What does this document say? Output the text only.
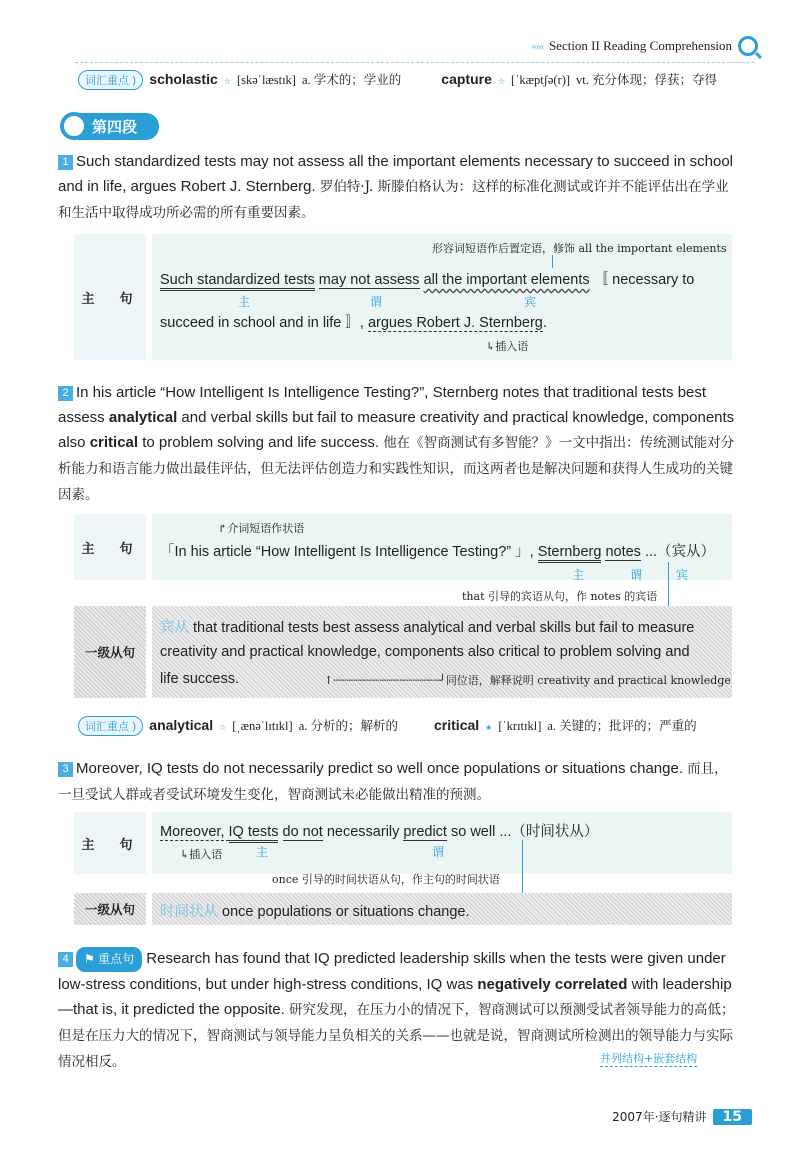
‹‹‹‹‹ Section II Reading Comprehension
词汇重点 )	scholastic ☆ [skəˈlæstɪk] a. 学术的；学业的	capture ☆ [ˈkæptʃə(r)] vt. 充分体现；俘获；夺得
第四段
1 Such standardized tests may not assess all the important elements necessary to succeed in school and in life, argues Robert J. Sternberg. 罗伯特·J. 斯滕伯格认为：这样的标准化测试或许并不能评估出在学业和生活中取得成功所必需的所有重要因素。
主　句
形容词短语作后置定语，修饰 all the important elements
Such standardized tests may not assess all the important elements 〚 necessary to
主	谓	宾
succeed in school and in life 〛, argues Robert J. Sternberg.
↳插入语
2 In his article “How Intelligent Is Intelligence Testing?”, Sternberg notes that traditional tests best assess analytical and verbal skills but fail to measure creativity and practical knowledge, components also critical to problem solving and life success. 他在《智商测试有多智能？》一文中指出：传统测试能对分析能力和语言能力做出最佳评估，但无法评估创造力和实践性知识，而这两者也是解决问题和获得人生成功的关键因素。
主　句
↱介词短语作状语
「In his article “How Intelligent Is Intelligence Testing?” 」, Sternberg notes ...（宾从）
主	谓	宾
that 引导的宾语从句，作 notes 的宾语
一级从句
宾从 that traditional tests best assess analytical and verbal skills but fail to measure
creativity and practical knowledge, components also critical to problem solving and
life success.	↑┄┄┄┄┄┄┄┄┄┄┄┄┄┄┄┄┘同位语，解释说明 creativity and practical knowledge
词汇重点 )	analytical ☆ [ˌænəˈlɪtɪkl] a. 分析的；解析的	critical ★ [ˈkrɪtɪkl] a. 关键的；批评的；严重的
3 Moreover, IQ tests do not necessarily predict so well once populations or situations change. 而且，一旦受试人群或者受试环境发生变化，智商测试未必能做出精准的预测。
主　句
Moreover, IQ tests do not necessarily predict so well ...（时间状从）
↳插入语	主	谓
once 引导的时间状语从句，作主句的时间状语
一级从句	时间状从 once populations or situations change.
4 ⚑ 重点句 Research has found that IQ predicted leadership skills when the tests were given under low-stress conditions, but under high-stress conditions, IQ was negatively correlated with leadership—that is, it predicted the opposite. 研究发现，在压力小的情况下，智商测试可以预测受试者领导能力的高低；但是在压力大的情况下，智商测试与领导能力呈负相关的关系——也就是说，智商测试所检测出的领导能力与实际情况相反。	并列结构+嵌套结构
2007年·逐句精讲	15
